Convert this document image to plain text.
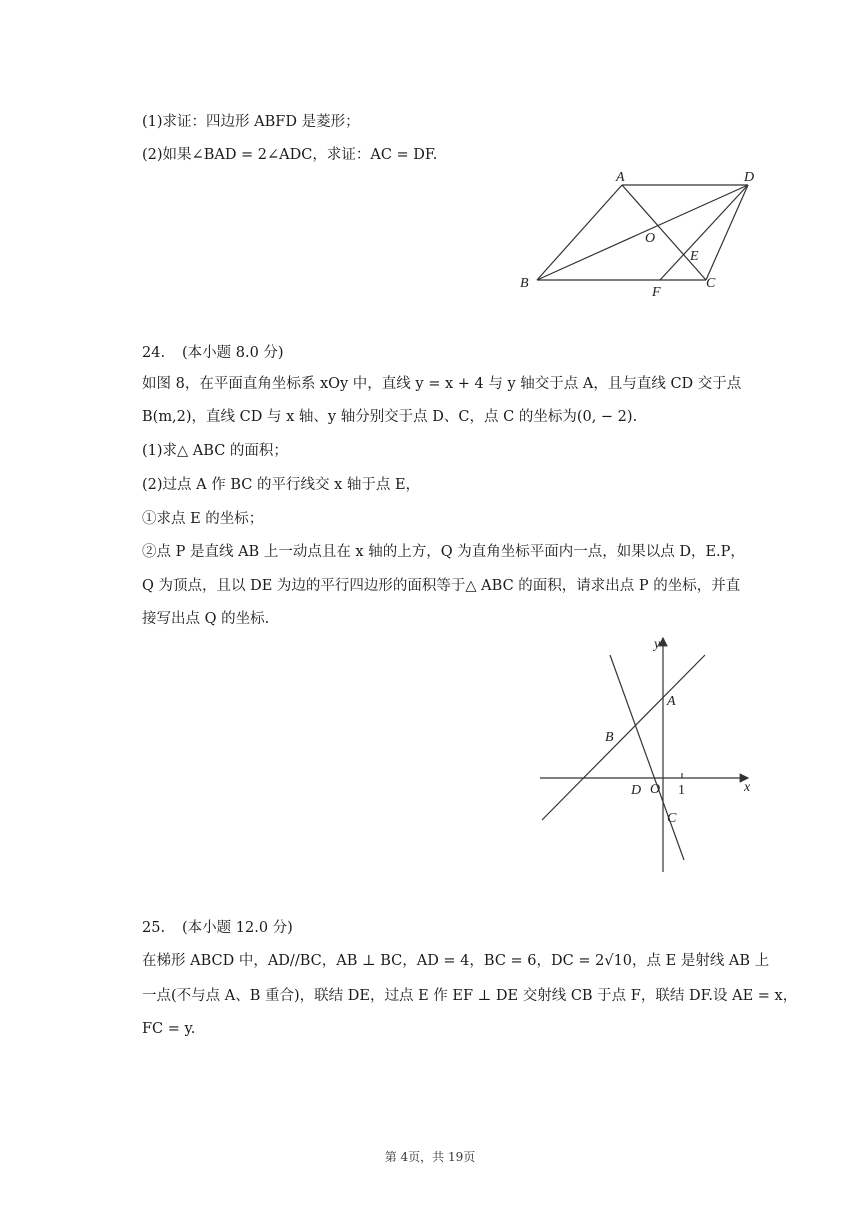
(1)求证：四边形 ABFD 是菱形；
(2)如果∠BAD = 2∠ADC，求证：AC = DF.
A	D
O
E
B
F
C
24. (本小题 8.0 分)
如图 8，在平面直角坐标系 xOy 中，直线 y = x + 4 与 y 轴交于点 A，且与直线 CD 交于点
B(m,2)，直线 CD 与 x 轴、y 轴分别交于点 D、C，点 C 的坐标为(0, − 2).
(1)求△ ABC 的面积；
(2)过点 A 作 BC 的平行线交 x 轴于点 E，
①求点 E 的坐标；
②点 P 是直线 AB 上一动点且在 x 轴的上方，Q 为直角坐标平面内一点，如果以点 D，E.P，
Q 为顶点，且以 DE 为边的平行四边形的面积等于△ ABC 的面积，请求出点 P 的坐标，并直
接写出点 Q 的坐标.
y
x
A
B
D O 1
C
25. (本小题 12.0 分)
在梯形 ABCD 中，AD//BC，AB ⊥ BC，AD = 4，BC = 6，DC = 2√10，点 E 是射线 AB 上
一点(不与点 A、B 重合)，联结 DE，过点 E 作 EF ⊥ DE 交射线 CB 于点 F，联结 DF.设 AE = x，
FC = y.
第 4页，共 19页
